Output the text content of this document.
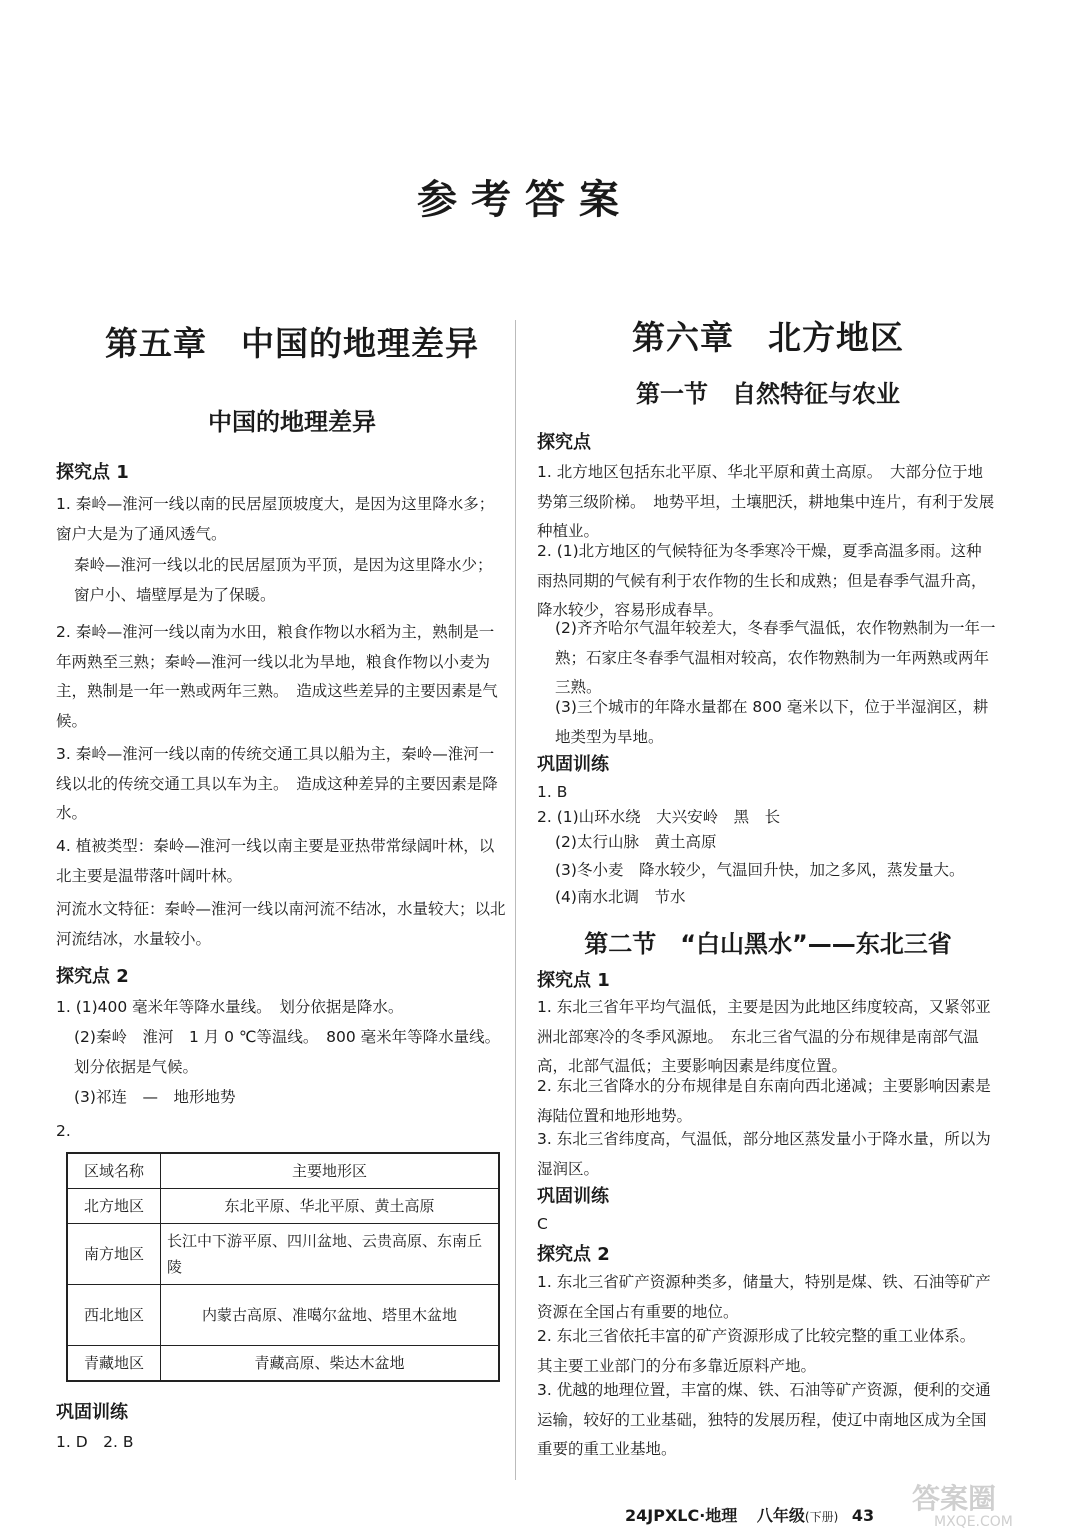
参考答案
第五章　中国的地理差异
中国的地理差异
探究点 1

1. 秦岭—淮河一线以南的民居屋顶坡度大，是因为这里降水多；窗户大是为了通风透气。

秦岭—淮河一线以北的民居屋顶为平顶，是因为这里降水少；窗户小、墙壁厚是为了保暖。

2. 秦岭—淮河一线以南为水田，粮食作物以水稻为主，熟制是一年两熟至三熟；秦岭—淮河一线以北为旱地，粮食作物以小麦为主，熟制是一年一熟或两年三熟。　造成这些差异的主要因素是气候。

3. 秦岭—淮河一线以南的传统交通工具以船为主，秦岭—淮河一线以北的传统交通工具以车为主。　造成这种差异的主要因素是降水。

4. 植被类型：秦岭—淮河一线以南主要是亚热带常绿阔叶林，以北主要是温带落叶阔叶林。

河流水文特征：秦岭—淮河一线以南河流不结冰，水量较大；以北河流结冰，水量较小。

探究点 2

1. (1)400 毫米年等降水量线。　划分依据是降水。

(2)秦岭　淮河　1 月 0 ℃等温线。　800 毫米年等降水量线。　划分依据是气候。

(3)祁连　—　地形地势

2.

区域名称	主要地形区
北方地区	东北平原、华北平原、黄土高原
南方地区	长江中下游平原、四川盆地、云贵高原、东南丘陵
西北地区	内蒙古高原、准噶尔盆地、塔里木盆地
青藏地区	青藏高原、柴达木盆地
巩固训练

1. D　2. B

第六章　北方地区
第一节　自然特征与农业
探究点

1. 北方地区包括东北平原、华北平原和黄土高原。　大部分位于地势第三级阶梯。　地势平坦，土壤肥沃，耕地集中连片，有利于发展种植业。

2. (1)北方地区的气候特征为冬季寒冷干燥，夏季高温多雨。这种雨热同期的气候有利于农作物的生长和成熟；但是春季气温升高，降水较少，容易形成春旱。

(2)齐齐哈尔气温年较差大，冬春季气温低，农作物熟制为一年一熟；石家庄冬春季气温相对较高，农作物熟制为一年两熟或两年三熟。

(3)三个城市的年降水量都在 800 毫米以下，位于半湿润区，耕地类型为旱地。

巩固训练

1. B

2. (1)山环水绕　大兴安岭　黑　长

(2)太行山脉　黄土高原

(3)冬小麦　降水较少，气温回升快，加之多风，蒸发量大。

(4)南水北调　节水

第二节　“白山黑水”——东北三省
探究点 1

1. 东北三省年平均气温低，主要是因为此地区纬度较高，又紧邻亚洲北部寒冷的冬季风源地。　东北三省气温的分布规律是南部气温高，北部气温低；主要影响因素是纬度位置。

2. 东北三省降水的分布规律是自东南向西北递减；主要影响因素是海陆位置和地形地势。

3. 东北三省纬度高，气温低，部分地区蒸发量小于降水量，所以为湿润区。

巩固训练

C

探究点 2

1. 东北三省矿产资源种类多，储量大，特别是煤、铁、石油等矿产资源在全国占有重要的地位。

2. 东北三省依托丰富的矿产资源形成了比较完整的重工业体系。　其主要工业部门的分布多靠近原料产地。

3. 优越的地理位置，丰富的煤、铁、石油等矿产资源，便利的交通运输，较好的工业基础，独特的发展历程，使辽中南地区成为全国重要的重工业基地。

24JPXLC·地理 八年级(下册) 43
答案圈
MXQE.COM
